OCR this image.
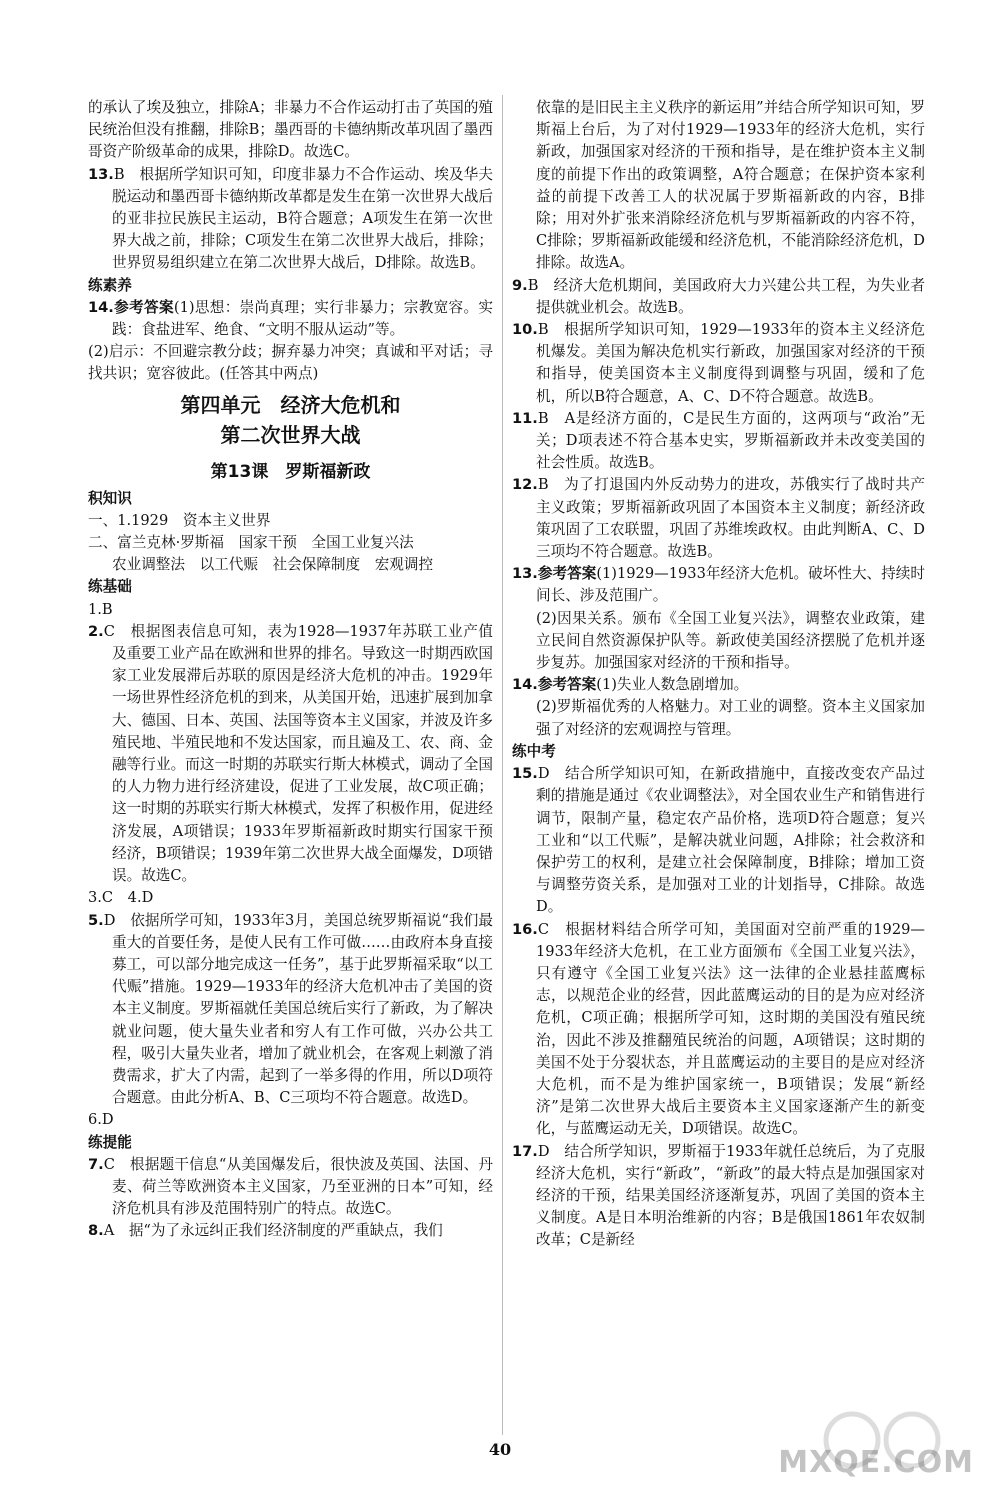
的承认了埃及独立，排除A；非暴力不合作运动打击了英国的殖民统治但没有推翻，排除B；墨西哥的卡德纳斯改革巩固了墨西哥资产阶级革命的成果，排除D。故选C。

13.B　根据所学知识可知，印度非暴力不合作运动、埃及华夫脱运动和墨西哥卡德纳斯改革都是发生在第一次世界大战后的亚非拉民族民主运动，B符合题意；A项发生在第一次世界大战之前，排除；C项发生在第二次世界大战后，排除；世界贸易组织建立在第二次世界大战后，D排除。故选B。

练素养

14.参考答案(1)思想：崇尚真理；实行非暴力；宗教宽容。实践：食盐进军、绝食、“文明不服从运动”等。

(2)启示：不回避宗教分歧；摒弃暴力冲突；真诚和平对话；寻找共识；宽容彼此。(任答其中两点)

第四单元　经济大危机和

第二次世界大战

第13课　罗斯福新政

积知识

一、1.1929　资本主义世界

二、富兰克林·罗斯福　国家干预　全国工业复兴法

农业调整法　以工代赈　社会保障制度　宏观调控

练基础

1.B

2.C　根据图表信息可知，表为1928—1937年苏联工业产值及重要工业产品在欧洲和世界的排名。导致这一时期西欧国家工业发展滞后苏联的原因是经济大危机的冲击。1929年一场世界性经济危机的到来，从美国开始，迅速扩展到加拿大、德国、日本、英国、法国等资本主义国家，并波及许多殖民地、半殖民地和不发达国家，而且遍及工、农、商、金融等行业。而这一时期的苏联实行斯大林模式，调动了全国的人力物力进行经济建设，促进了工业发展，故C项正确；这一时期的苏联实行斯大林模式，发挥了积极作用，促进经济发展，A项错误；1933年罗斯福新政时期实行国家干预经济，B项错误；1939年第二次世界大战全面爆发，D项错误。故选C。

3.C　4.D

5.D　依据所学可知，1933年3月，美国总统罗斯福说“我们最重大的首要任务，是使人民有工作可做……由政府本身直接募工，可以部分地完成这一任务”，基于此罗斯福采取“以工代赈”措施。1929—1933年的经济大危机冲击了美国的资本主义制度。罗斯福就任美国总统后实行了新政，为了解决就业问题，使大量失业者和穷人有工作可做，兴办公共工程，吸引大量失业者，增加了就业机会，在客观上刺激了消费需求，扩大了内需，起到了一举多得的作用，所以D项符合题意。由此分析A、B、C三项均不符合题意。故选D。

6.D

练提能

7.C　根据题干信息“从美国爆发后，很快波及英国、法国、丹麦、荷兰等欧洲资本主义国家，乃至亚洲的日本”可知，经济危机具有涉及范围特别广的特点。故选C。

8.A　据“为了永远纠正我们经济制度的严重缺点，我们

依靠的是旧民主主义秩序的新运用”并结合所学知识可知，罗斯福上台后，为了对付1929—1933年的经济大危机，实行新政，加强国家对经济的干预和指导，是在维护资本主义制度的前提下作出的政策调整，A符合题意；在保护资本家利益的前提下改善工人的状况属于罗斯福新政的内容，B排除；用对外扩张来消除经济危机与罗斯福新政的内容不符，C排除；罗斯福新政能缓和经济危机，不能消除经济危机，D排除。故选A。

9.B　经济大危机期间，美国政府大力兴建公共工程，为失业者提供就业机会。故选B。

10.B　根据所学知识可知，1929—1933年的资本主义经济危机爆发。美国为解决危机实行新政，加强国家对经济的干预和指导，使美国资本主义制度得到调整与巩固，缓和了危机，所以B符合题意，A、C、D不符合题意。故选B。

11.B　A是经济方面的，C是民生方面的，这两项与“政治”无关；D项表述不符合基本史实，罗斯福新政并未改变美国的社会性质。故选B。

12.B　为了打退国内外反动势力的进攻，苏俄实行了战时共产主义政策；罗斯福新政巩固了本国资本主义制度；新经济政策巩固了工农联盟，巩固了苏维埃政权。由此判断A、C、D三项均不符合题意。故选B。

13.参考答案(1)1929—1933年经济大危机。破坏性大、持续时间长、涉及范围广。

(2)因果关系。颁布《全国工业复兴法》，调整农业政策，建立民间自然资源保护队等。新政使美国经济摆脱了危机并逐步复苏。加强国家对经济的干预和指导。

14.参考答案(1)失业人数急剧增加。

(2)罗斯福优秀的人格魅力。对工业的调整。资本主义国家加强了对经济的宏观调控与管理。

练中考

15.D　结合所学知识可知，在新政措施中，直接改变农产品过剩的措施是通过《农业调整法》，对全国农业生产和销售进行调节，限制产量，稳定农产品价格，选项D符合题意；复兴工业和“以工代赈”，是解决就业问题，A排除；社会救济和保护劳工的权利，是建立社会保障制度，B排除；增加工资与调整劳资关系，是加强对工业的计划指导，C排除。故选D。

16.C　根据材料结合所学可知，美国面对空前严重的1929—1933年经济大危机，在工业方面颁布《全国工业复兴法》，只有遵守《全国工业复兴法》这一法律的企业悬挂蓝鹰标志，以规范企业的经营，因此蓝鹰运动的目的是为应对经济危机，C项正确；根据所学可知，这时期的美国没有殖民统治，因此不涉及推翻殖民统治的问题，A项错误；这时期的美国不处于分裂状态，并且蓝鹰运动的主要目的是应对经济大危机，而不是为维护国家统一，B项错误；发展“新经济”是第二次世界大战后主要资本主义国家逐渐产生的新变化，与蓝鹰运动无关，D项错误。故选C。

17.D　结合所学知识，罗斯福于1933年就任总统后，为了克服经济大危机，实行“新政”，“新政”的最大特点是加强国家对经济的干预，结果美国经济逐渐复苏，巩固了美国的资本主义制度。A是日本明治维新的内容；B是俄国1861年农奴制改革；C是新经

40	MXQE.COM
